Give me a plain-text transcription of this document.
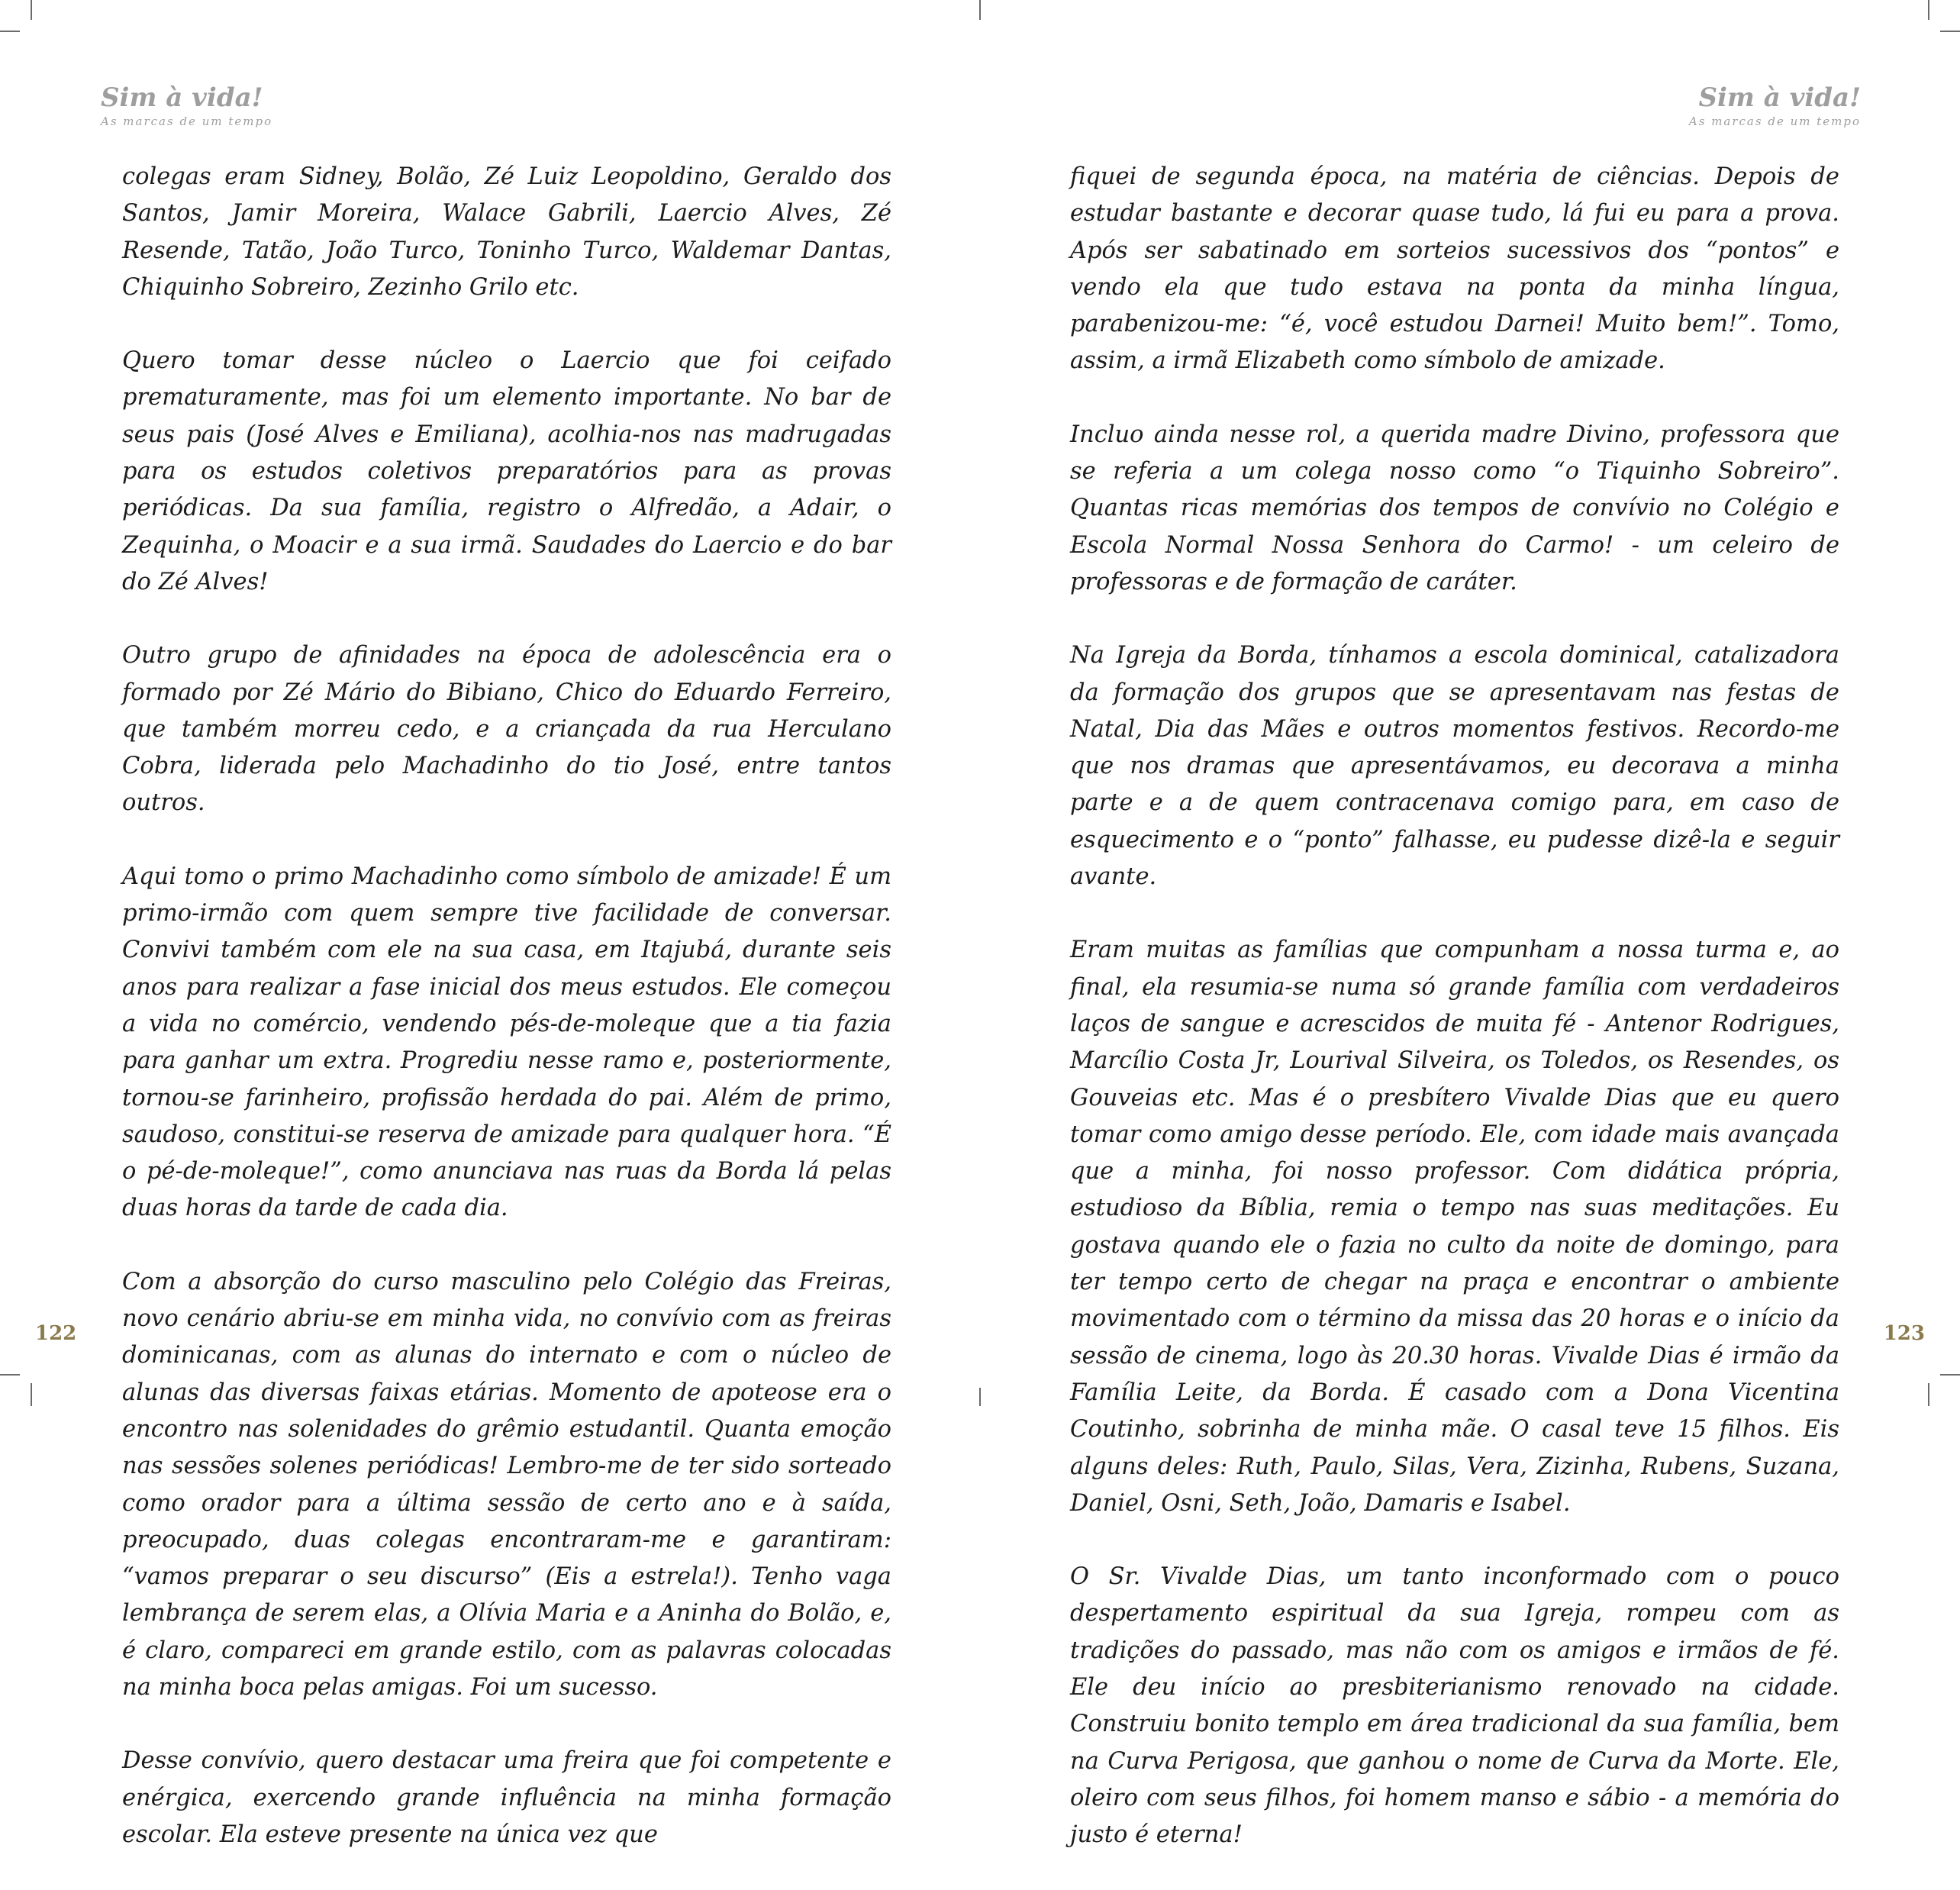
Sim à vida!
As marcas de um tempo

colegas eram Sidney, Bolão, Zé Luiz Leopoldino, Geraldo dos Santos, Jamir Moreira, Walace Gabrili, Laercio Alves, Zé Resende, Tatão, João Turco, Toninho Turco, Waldemar Dantas, Chiquinho Sobreiro, Zezinho Grilo etc.

Quero tomar desse núcleo o Laercio que foi ceifado prematuramente, mas foi um elemento importante. No bar de seus pais (José Alves e Emiliana), acolhia-nos nas madrugadas para os estudos coletivos preparatórios para as provas periódicas. Da sua família, registro o Alfredão, a Adair, o Zequinha, o Moacir e a sua irmã. Saudades do Laercio e do bar do Zé Alves!

Outro grupo de afinidades na época de adolescência era o formado por Zé Mário do Bibiano, Chico do Eduardo Ferreiro, que também morreu cedo, e a criançada da rua Herculano Cobra, liderada pelo Machadinho do tio José, entre tantos outros.

Aqui tomo o primo Machadinho como símbolo de amizade! É um primo-irmão com quem sempre tive facilidade de conversar. Convivi também com ele na sua casa, em Itajubá, durante seis anos para realizar a fase inicial dos meus estudos. Ele começou a vida no comércio, vendendo pés-de-moleque que a tia fazia para ganhar um extra. Progrediu nesse ramo e, posteriormente, tornou-se farinheiro, profissão herdada do pai. Além de primo, saudoso, constitui-se reserva de amizade para qualquer hora. “É o pé-de-moleque!”, como anunciava nas ruas da Borda lá pelas duas horas da tarde de cada dia.

Com a absorção do curso masculino pelo Colégio das Freiras, novo cenário abriu-se em minha vida, no convívio com as freiras dominicanas, com as alunas do internato e com o núcleo de alunas das diversas faixas etárias. Momento de apoteose era o encontro nas solenidades do grêmio estudantil. Quanta emoção nas sessões solenes periódicas! Lembro-me de ter sido sorteado como orador para a última sessão de certo ano e à saída, preocupado, duas colegas encontraram-me e garantiram: “vamos preparar o seu discurso” (Eis a estrela!). Tenho vaga lembrança de serem elas, a Olívia Maria e a Aninha do Bolão, e, é claro, compareci em grande estilo, com as palavras colocadas na minha boca pelas amigas. Foi um sucesso.

Desse convívio, quero destacar uma freira que foi competente e enérgica, exercendo grande influência na minha formação escolar. Ela esteve presente na única vez que

122
Sim à vida!
As marcas de um tempo

fiquei de segunda época, na matéria de ciências. Depois de estudar bastante e decorar quase tudo, lá fui eu para a prova. Após ser sabatinado em sorteios sucessivos dos “pontos” e vendo ela que tudo estava na ponta da minha língua, parabenizou-me: “é, você estudou Darnei! Muito bem!”. Tomo, assim, a irmã Elizabeth como símbolo de amizade.

Incluo ainda nesse rol, a querida madre Divino, professora que se referia a um colega nosso como “o Tiquinho Sobreiro”. Quantas ricas memórias dos tempos de convívio no Colégio e Escola Normal Nossa Senhora do Carmo! - um celeiro de professoras e de formação de caráter.

Na Igreja da Borda, tínhamos a escola dominical, catalizadora da formação dos grupos que se apresentavam nas festas de Natal, Dia das Mães e outros momentos festivos. Recordo-me que nos dramas que apresentávamos, eu decorava a minha parte e a de quem contracenava comigo para, em caso de esquecimento e o “ponto” falhasse, eu pudesse dizê-la e seguir avante.

Eram muitas as famílias que compunham a nossa turma e, ao final, ela resumia-se numa só grande família com verdadeiros laços de sangue e acrescidos de muita fé - Antenor Rodrigues, Marcílio Costa Jr, Lourival Silveira, os Toledos, os Resendes, os Gouveias etc. Mas é o presbítero Vivalde Dias que eu quero tomar como amigo desse período. Ele, com idade mais avançada que a minha, foi nosso professor. Com didática própria, estudioso da Bíblia, remia o tempo nas suas meditações. Eu gostava quando ele o fazia no culto da noite de domingo, para ter tempo certo de chegar na praça e encontrar o ambiente movimentado com o término da missa das 20 horas e o início da sessão de cinema, logo às 20.30 horas. Vivalde Dias é irmão da Família Leite, da Borda. É casado com a Dona Vicentina Coutinho, sobrinha de minha mãe. O casal teve 15 filhos. Eis alguns deles: Ruth, Paulo, Silas, Vera, Zizinha, Rubens, Suzana, Daniel, Osni, Seth, João, Damaris e Isabel.

O Sr. Vivalde Dias, um tanto inconformado com o pouco despertamento espiritual da sua Igreja, rompeu com as tradições do passado, mas não com os amigos e irmãos de fé. Ele deu início ao presbiterianismo renovado na cidade. Construiu bonito templo em área tradicional da sua família, bem na Curva Perigosa, que ganhou o nome de Curva da Morte. Ele, oleiro com seus filhos, foi homem manso e sábio - a memória do justo é eterna!

123
